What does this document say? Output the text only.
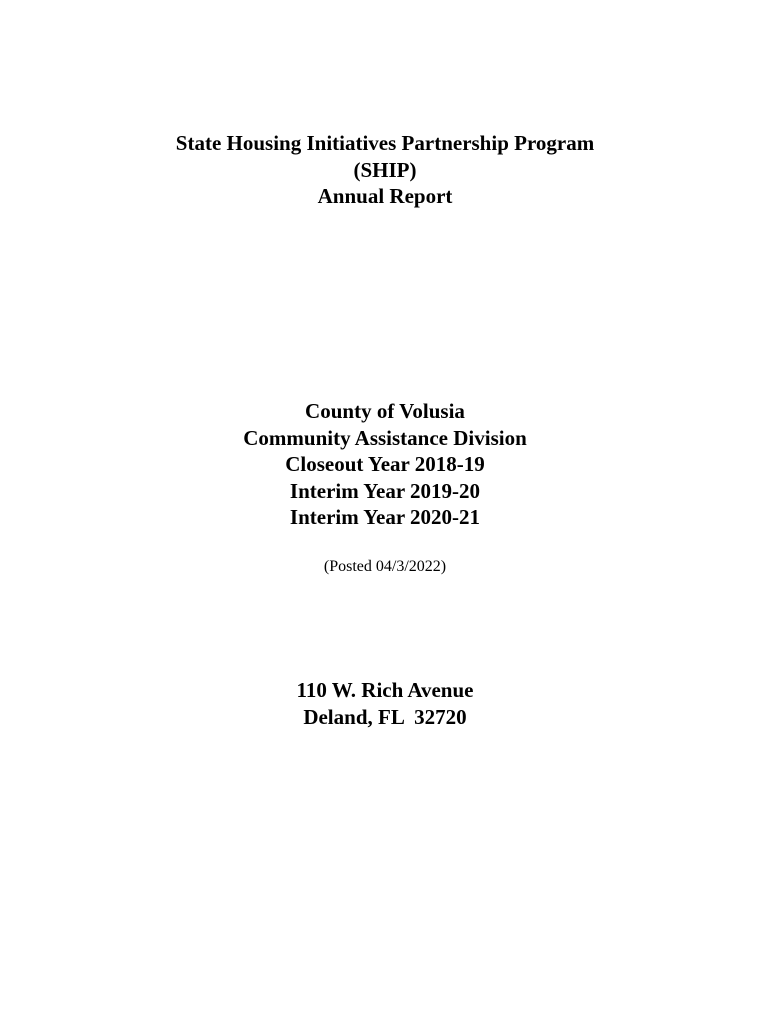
State Housing Initiatives Partnership Program
(SHIP)
Annual Report
County of Volusia
Community Assistance Division
Closeout Year 2018-19
Interim Year 2019-20
Interim Year 2020-21
(Posted 04/3/2022)
110 W. Rich Avenue
Deland, FL  32720
